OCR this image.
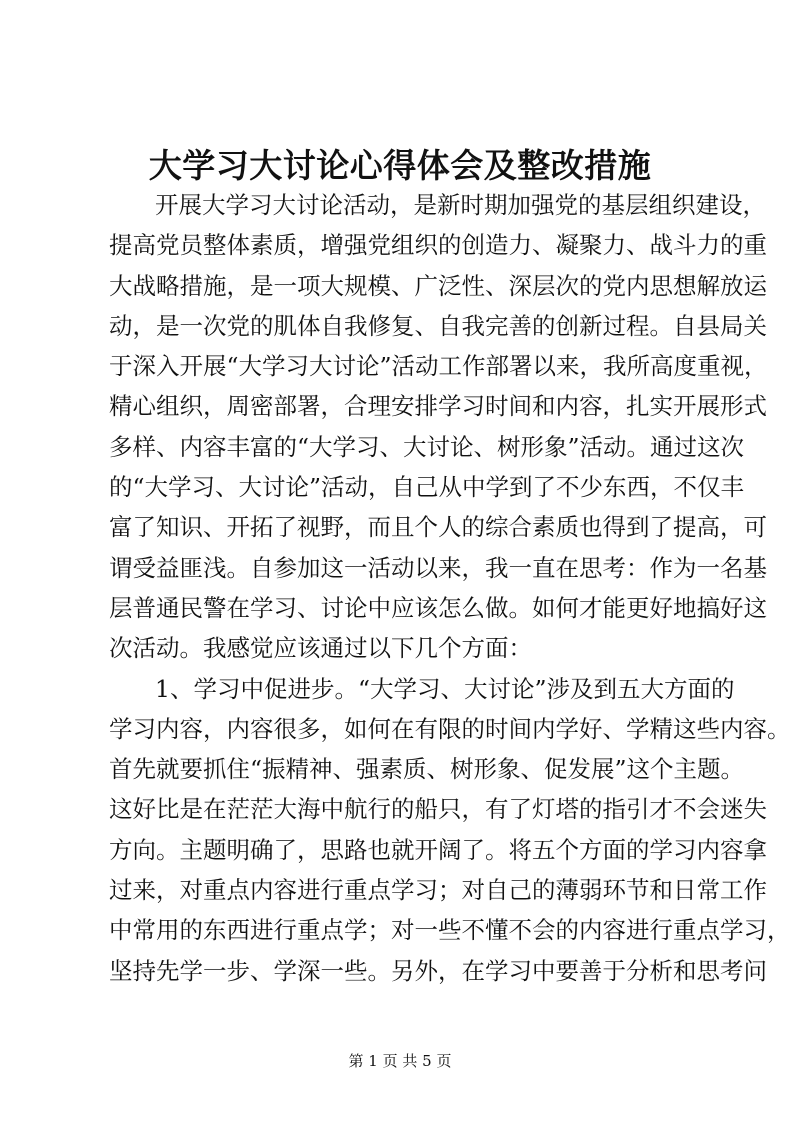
大学习大讨论心得体会及整改措施
开展大学习大讨论活动，是新时期加强党的基层组织建设，
提高党员整体素质，增强党组织的创造力、凝聚力、战斗力的重
大战略措施，是一项大规模、广泛性、深层次的党内思想解放运
动，是一次党的肌体自我修复、自我完善的创新过程。自县局关
于深入开展“大学习大讨论”活动工作部署以来，我所高度重视，
精心组织，周密部署，合理安排学习时间和内容，扎实开展形式
多样、内容丰富的“大学习、大讨论、树形象”活动。通过这次
的“大学习、大讨论”活动，自己从中学到了不少东西，不仅丰
富了知识、开拓了视野，而且个人的综合素质也得到了提高，可
谓受益匪浅。自参加这一活动以来，我一直在思考：作为一名基
层普通民警在学习、讨论中应该怎么做。如何才能更好地搞好这
次活动。我感觉应该通过以下几个方面：
1、学习中促进步。“大学习、大讨论”涉及到五大方面的
学习内容，内容很多，如何在有限的时间内学好、学精这些内容。
首先就要抓住“振精神、强素质、树形象、促发展”这个主题。
这好比是在茫茫大海中航行的船只，有了灯塔的指引才不会迷失
方向。主题明确了，思路也就开阔了。将五个方面的学习内容拿
过来，对重点内容进行重点学习；对自己的薄弱环节和日常工作
中常用的东西进行重点学；对一些不懂不会的内容进行重点学习，
坚持先学一步、学深一些。另外，在学习中要善于分析和思考问
第 1 页 共 5 页
